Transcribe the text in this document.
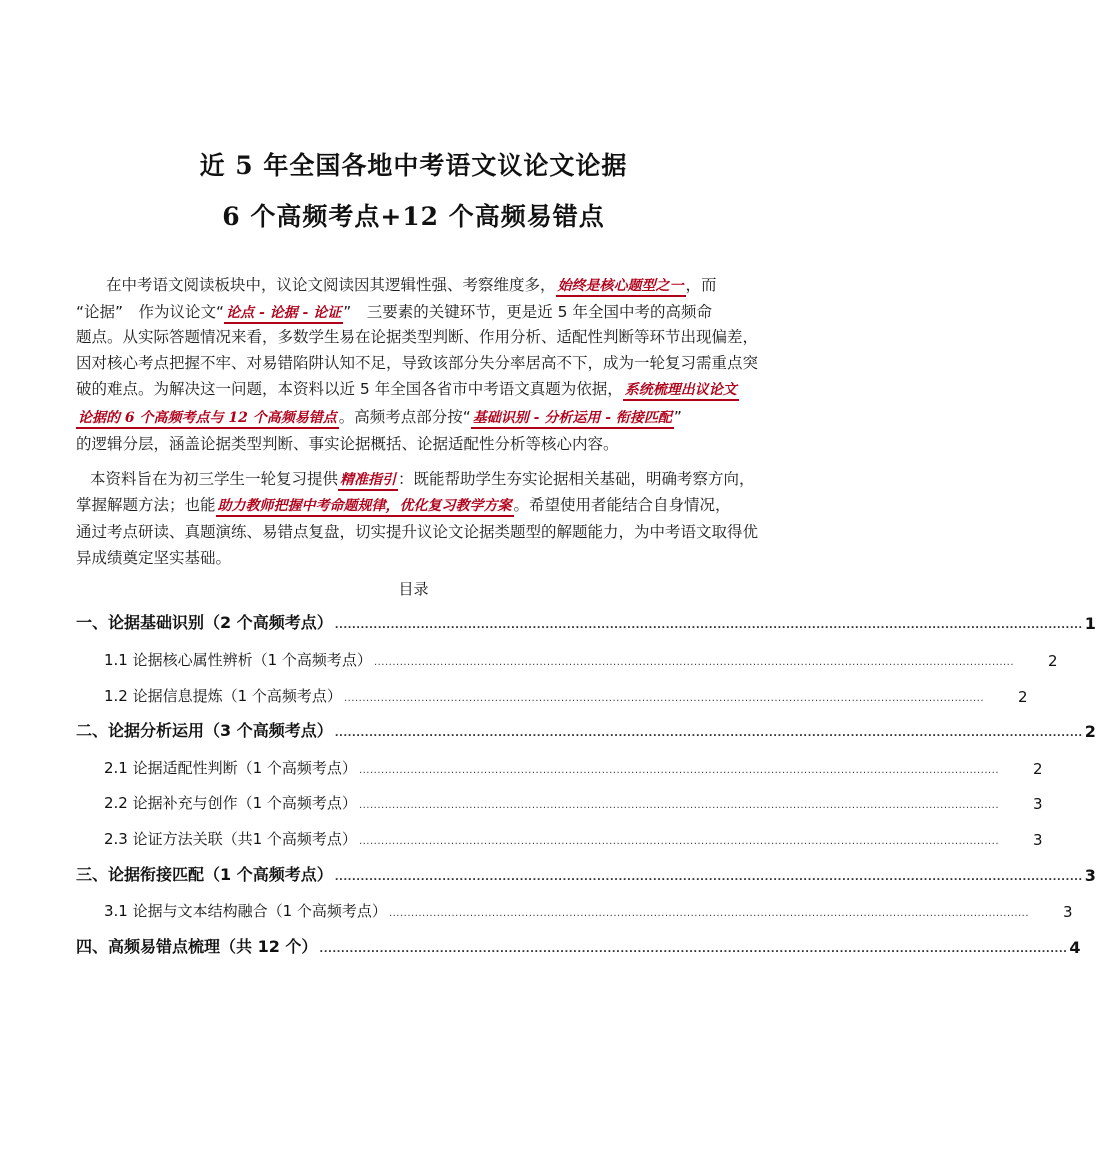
近 5 年全国各地中考语文议论文论据
6 个高频考点+12 个高频易错点
在中考语文阅读板块中，议论文阅读因其逻辑性强、考察维度多， 始终是核心题型之一 ，而
“论据”　作为议论文“ 论点 - 论据 - 论证 ”　三要素的关键环节，更是近 5 年全国中考的高频命
题点。从实际答题情况来看，多数学生易在论据类型判断、作用分析、适配性判断等环节出现偏差，
因对核心考点把握不牢、对易错陷阱认知不足，导致该部分失分率居高不下，成为一轮复习需重点突
破的难点。为解决这一问题，本资料以近 5 年全国各省市中考语文真题为依据， 系统梳理出议论文
论据的 6 个高频考点与 12 个高频易错点 。高频考点部分按“ 基础识别 - 分析运用 - 衔接匹配 ”
的逻辑分层，涵盖论据类型判断、事实论据概括、论据适配性分析等核心内容。
本资料旨在为初三学生一轮复习提供 精准指引 ：既能帮助学生夯实论据相关基础，明确考察方向，
掌握解题方法；也能 助力教师把握中考命题规律，优化复习教学方案 。希望使用者能结合自身情况，
通过考点研读、真题演练、易错点复盘，切实提升议论文论据类题型的解题能力，为中考语文取得优
异成绩奠定坚实基础。
目录
一、论据基础识别（2 个高频考点） .............................................................................................................................................................................. 1
1.1 论据核心属性辨析（1 个高频考点） .............................................................................................................................................................................. 2
1.2 论据信息提炼（1 个高频考点） .............................................................................................................................................................................. 2
二、论据分析运用（3 个高频考点） .............................................................................................................................................................................. 2
2.1 论据适配性判断（1 个高频考点） .............................................................................................................................................................................. 2
2.2 论据补充与创作（1 个高频考点） .............................................................................................................................................................................. 3
2.3 论证方法关联（共1 个高频考点） .............................................................................................................................................................................. 3
三、论据衔接匹配（1 个高频考点） .............................................................................................................................................................................. 3
3.1 论据与文本结构融合（1 个高频考点） .............................................................................................................................................................................. 3
四、高频易错点梳理（共 12 个） .............................................................................................................................................................................. 4
